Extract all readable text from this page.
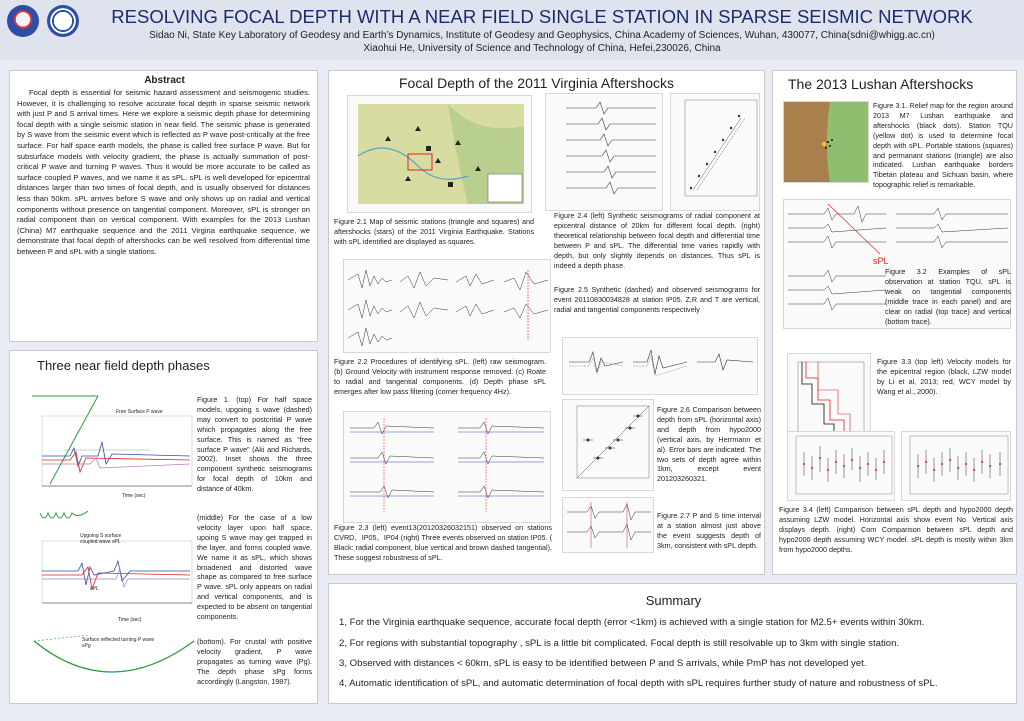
RESOLVING FOCAL DEPTH WITH A NEAR FIELD SINGLE STATION IN SPARSE SEISMIC NETWORK
Sidao Ni, State Key Laboratory of Geodesy and Earth’s Dynamics, Institute of Geodesy and Geophysics, China Academy of Sciences, Wuhan, 430077, China(sdni@whigg.ac.cn)
Xiaohui He, University of Science and Technology of China, Hefei,230026, China
Abstract
Focal depth is essential for seismic hazard assessment and seismogenic studies. However, it is challenging to resolve accurate focal depth in sparse seismic network with just P and S arrival times. Here we explore a seismic depth phase for determining focal depth with a single seismic station in near field. The seismic phase is generated by S wave from the seismic event which is reflected as P wave post-critically at the free surface. For half space earth models, the phase is called free surface P wave. But for subsurface models with velocity gradient, the phase is actually summation of post-critical P wave and turning P waves. Thus it would be more accurate to be called as surface coupled P waves, and we name it as sPL. sPL is well developed for epicentral distances larger than two times of focal depth, and is usually observed for distances less than 50km. sPL arrives before S wave and only shows up on radial and vertical components without presence on tangential component. Moreover, sPL is stronger on radial component than on vertical component. With examples for the 2013 Lushan (China) M7 earthquake sequence and the 2011 Virgina earthquake sequence, we demonstrate that focal depth of aftershocks can be well resolved from differential time between P and sPL with a single stations.
Three near field depth phases
Free Surface P wave
Time (sec)
Figure 1. (top) For half space models, upgoing s wave (dashed) may convert to postcritial P wave which propagates along the free surface. This is named as “free surface P wave” (Aki and Richards, 2002). Inset shows the three component synthetic seismograms for focal depth of 10km and distance of 40km.
Upgoing S surface coupled wave sPL
sPL
Time (sec)
(middle) For the case of a low velocity layer upon half space, upoing S wave may get trapped in the layer, and forms coupled wave. We name it as sPL, which shows broadened and distorted wave shape as compared to free surface P wave. sPL only appears on radial and vertical components, and is expected to be absent on tangential components.
Surface reflected turning P wave sPg	(bottom). For crustal with positive velocity gradient, P wave propagates as turning wave (Pg). The depth phase sPg forms accordingly (Langston, 1987).
Focal Depth of the 2011 Virginia Aftershocks
Figure 2.1 Map of seismic stations (triangle and squares) and aftershocks (stars) of the 2011 Virginia Earthquake. Stations with sPL identified are displayed as squares.
Figure 2.4 (left) Synthetic seismograms of radial component at epicentral distance of 20km for different focal depth. (right) theoretical relationship between focal depth and differential time between P and sPL. The differential time varies rapidly with depth, but only slightly depends on distances. Thus sPL is indeed a depth phase.
Figure 2.5 Synthetic (dashed) and observed seismograms for event 20110830034828 at station IP05. Z,R and T are vertical, radial and tangential components respectively
Figure 2.2 Procedures of identifying sPL. (left) raw seismogram. (b) Ground Velocity with instrument response removed. (c) Roate to radial and tangential components. (d) Depth phase sPL emerges after low pass filtering (corner frequency 4Hz).
Figure 2.3 (left) event13(20120326032151) observed on stations CVRD、IP05、IP04 (right) Three events observed on station IP05. ( Black: radial component, blue vertical and brown dashed tangential). These suggest robustness of sPL.
Figure 2.6 Comparison between depth from sPL (horizontal axis) and depth from hypo2000 (vertical axis, by Herrmann et al). Error bars are indicated. The two sets of depth agree within 1km, except event 201203260321.
Figure 2.7 P and S time interval at a station almost just above the event suggests depth of 3km, consistent with sPL depth.
The 2013 Lushan Aftershocks
Figure 3.1. Relief map for the region around 2013 M7 Lushan earthquake and aftershocks (black dots). Station TQU (yellow dot) is used to determine focal depth with sPL. Portable stations (squares) and permanant stations (triangle) are also indicated. Lushan earthquake borders Tibetan plateau and Sichuan basin, where topographic relief is remarkable.
sPL
Figure 3.2 Examples of sPL observation at station TQU. sPL is weak on tangential components (middle trace in each panel) and are clear on radial (top trace) and vertical (bottom trace).
Figure 3.3 (top left) Velocity models for the epicentral region (black, LZW model by Li et al, 2013; red, WCY model by Wang et al., 2000).
Figure 3.4 (left) Comparison between sPL depth and hypo2000 depth assuming LZW model. Horizontal axis show event No. Vertical axis displays depth. (right) Com Comparison between sPL depth and hypo2000 depth assuming WCY model. sPL depth is mostly within 3km from hypo2000 depths.
Summary
1, For the Virginia earthquake sequence, accurate focal depth (error <1km) is achieved with a single station for M2.5+ events within 30km.
2, For regions with substantial topography , sPL is a little bit complicated. Focal depth is still resolvable up to 3km with single station.
3, Observed with distances < 60km, sPL is easy to be identified between P and S arrivals, while PmP has not developed yet.
4, Automatic identification of sPL, and automatic determination of focal depth with sPL requires further study of nature and robustness of sPL.
